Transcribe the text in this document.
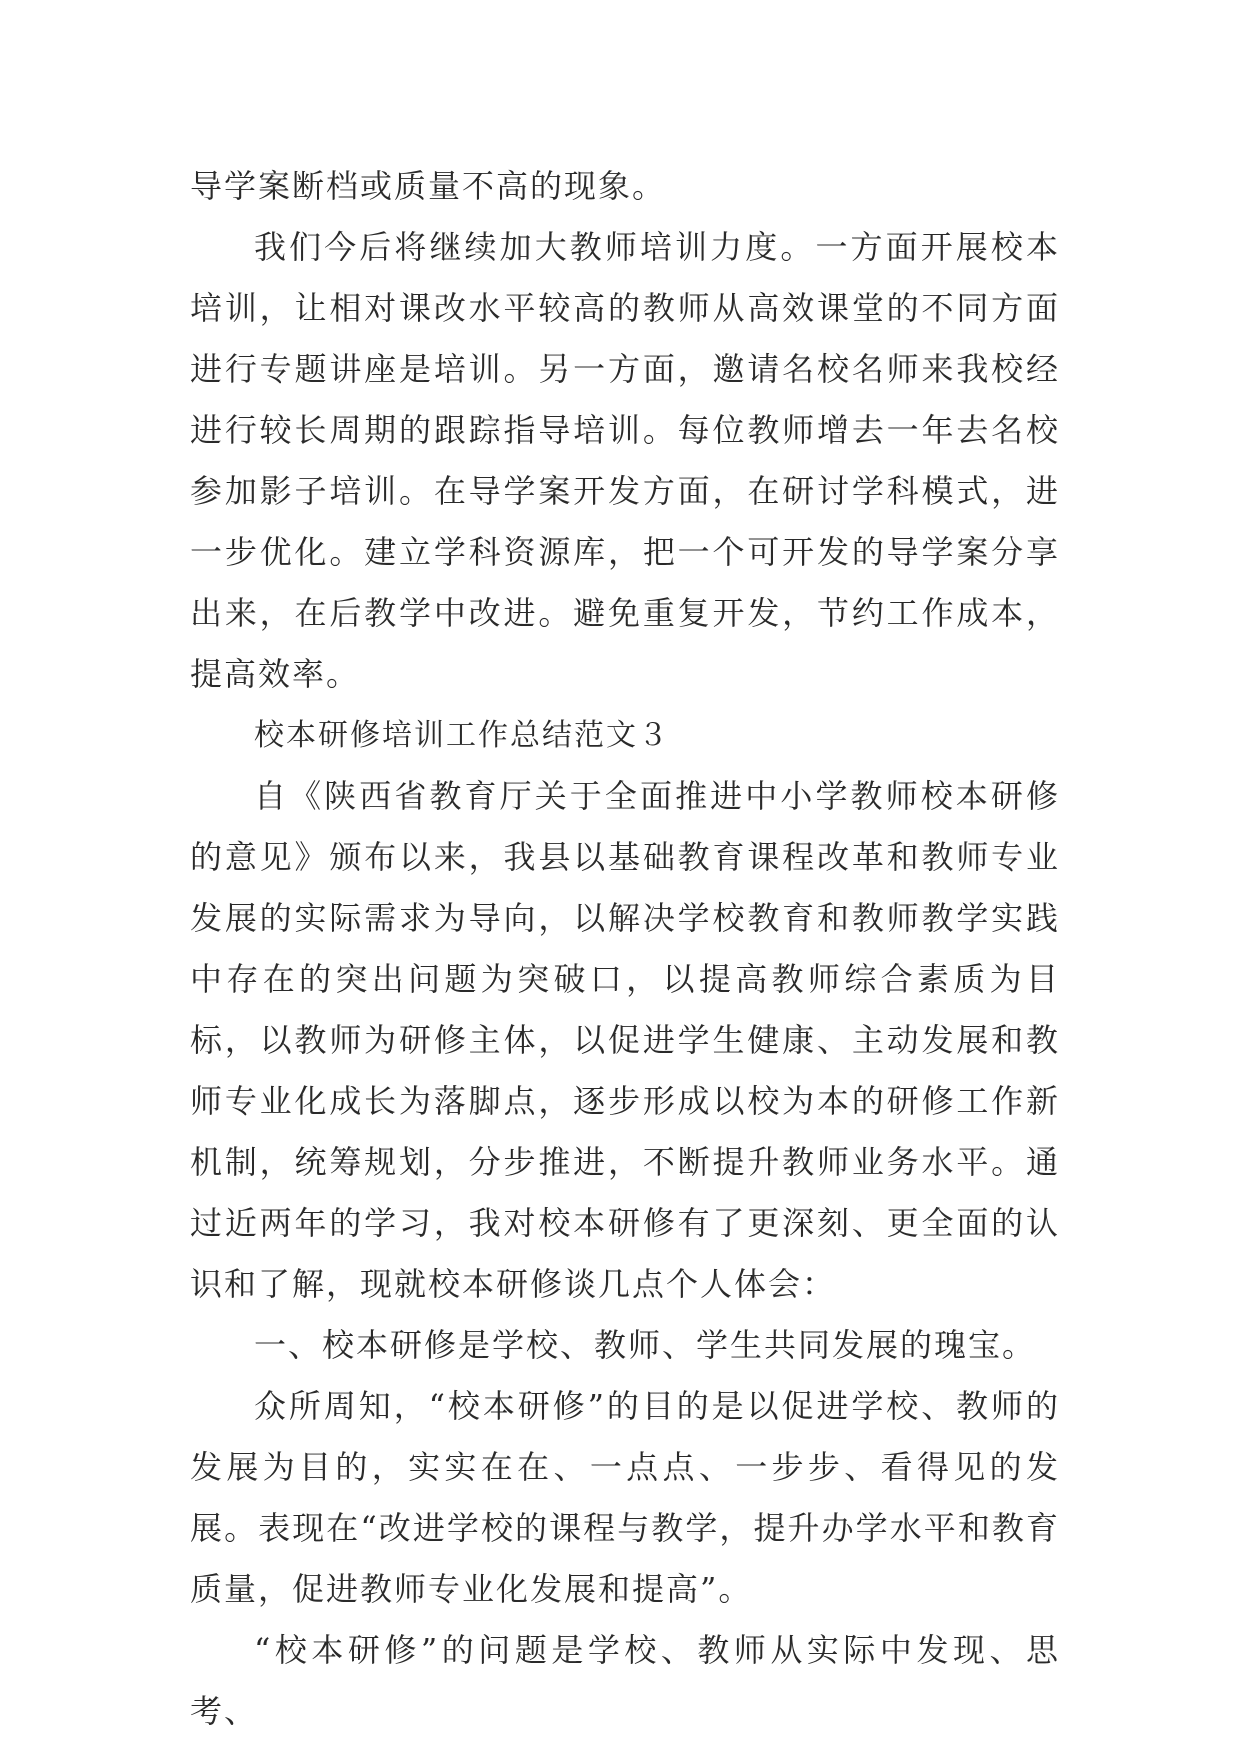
导学案断档或质量不高的现象。

我们今后将继续加大教师培训力度。一方面开展校本培训，让相对课改水平较高的教师从高效课堂的不同方面进行专题讲座是培训。另一方面，邀请名校名师来我校经进行较长周期的跟踪指导培训。每位教师增去一年去名校参加影子培训。在导学案开发方面，在研讨学科模式，进一步优化。建立学科资源库，把一个可开发的导学案分享出来，在后教学中改进。避免重复开发，节约工作成本，提高效率。

校本研修培训工作总结范文３

自《陕西省教育厅关于全面推进中小学教师校本研修的意见》颁布以来，我县以基础教育课程改革和教师专业发展的实际需求为导向，以解决学校教育和教师教学实践中存在的突出问题为突破口，以提高教师综合素质为目标，以教师为研修主体，以促进学生健康、主动发展和教师专业化成长为落脚点，逐步形成以校为本的研修工作新机制，统筹规划，分步推进，不断提升教师业务水平。通过近两年的学习，我对校本研修有了更深刻、更全面的认识和了解，现就校本研修谈几点个人体会：

一、校本研修是学校、教师、学生共同发展的瑰宝。

众所周知，“校本研修”的目的是以促进学校、教师的发展为目的，实实在在、一点点、一步步、看得见的发展。表现在“改进学校的课程与教学，提升办学水平和教育质量，促进教师专业化发展和提高”。

“校本研修”的问题是学校、教师从实际中发现、思考、
